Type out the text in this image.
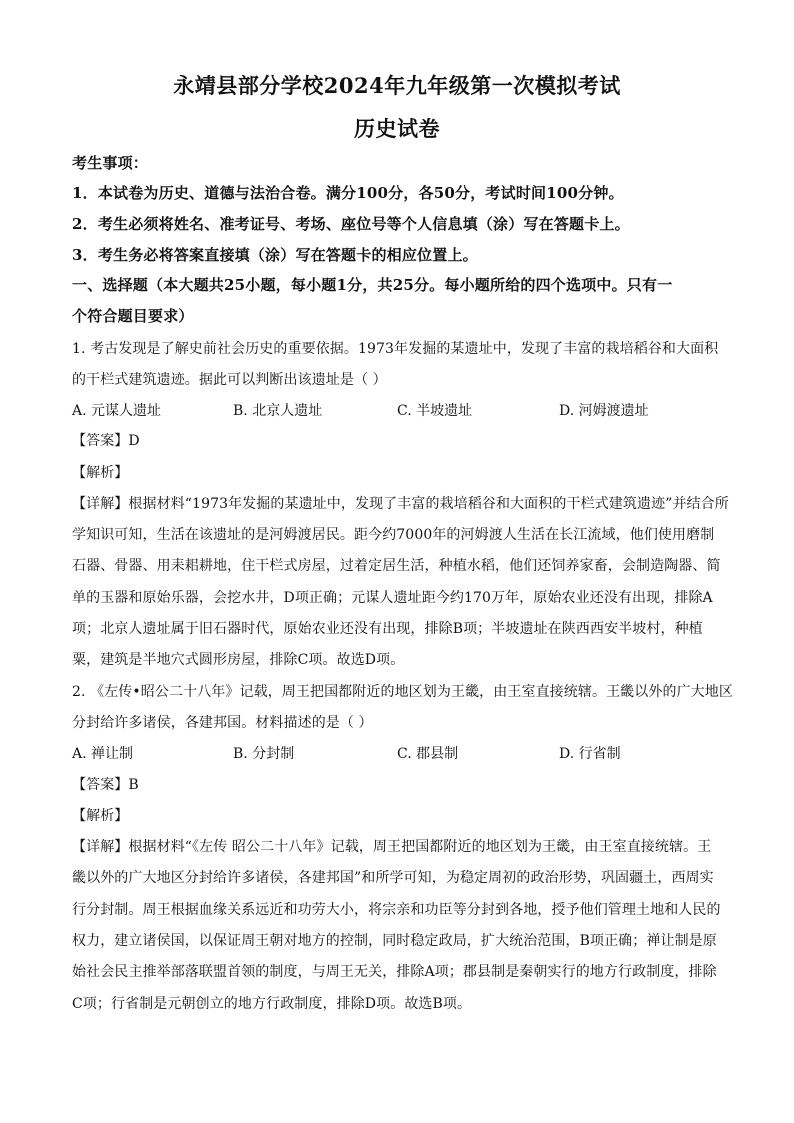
永靖县部分学校2024年九年级第一次模拟考试
历史试卷
考生事项：
1．本试卷为历史、道德与法治合卷。满分100分，各50分，考试时间100分钟。
2．考生必须将姓名、准考证号、考场、座位号等个人信息填（涂）写在答题卡上。
3．考生务必将答案直接填（涂）写在答题卡的相应位置上。
一、选择题（本大题共25小题，每小题1分，共25分。每小题所给的四个选项中。只有一
个符合题目要求）
1. 考古发现是了解史前社会历史的重要依据。1973年发掘的某遗址中，发现了丰富的栽培稻谷和大面积
的干栏式建筑遗迹。据此可以判断出该遗址是（ ）
A. 元谋人遗址	B. 北京人遗址	C. 半坡遗址	D. 河姆渡遗址
【答案】D
【解析】
【详解】根据材料“1973年发掘的某遗址中，发现了丰富的栽培稻谷和大面积的干栏式建筑遗迹”并结合所
学知识可知，生活在该遗址的是河姆渡居民。距今约7000年的河姆渡人生活在长江流域，他们使用磨制
石器、骨器、用耒耜耕地，住干栏式房屋，过着定居生活，种植水稻，他们还饲养家畜，会制造陶器、简
单的玉器和原始乐器，会挖水井，D项正确；元谋人遗址距今约170万年，原始农业还没有出现，排除A
项；北京人遗址属于旧石器时代，原始农业还没有出现，排除B项；半坡遗址在陕西西安半坡村，种植
粟，建筑是半地穴式圆形房屋，排除C项。故选D项。
2. 《左传•昭公二十八年》记载，周王把国都附近的地区划为王畿，由王室直接统辖。王畿以外的广大地区
分封给许多诸侯，各建邦国。材料描述的是（ ）
A. 禅让制	B. 分封制	C. 郡县制	D. 行省制
【答案】B
【解析】
【详解】根据材料“《左传 昭公二十八年》记载，周王把国都附近的地区划为王畿，由王室直接统辖。王
畿以外的广大地区分封给许多诸侯，各建邦国”和所学可知，为稳定周初的政治形势，巩固疆土，西周实
行分封制。周王根据血缘关系远近和功劳大小，将宗亲和功臣等分封到各地，授予他们管理土地和人民的
权力，建立诸侯国，以保证周王朝对地方的控制，同时稳定政局，扩大统治范围，B项正确；禅让制是原
始社会民主推举部落联盟首领的制度，与周王无关，排除A项；郡县制是秦朝实行的地方行政制度，排除
C项；行省制是元朝创立的地方行政制度，排除D项。故选B项。
